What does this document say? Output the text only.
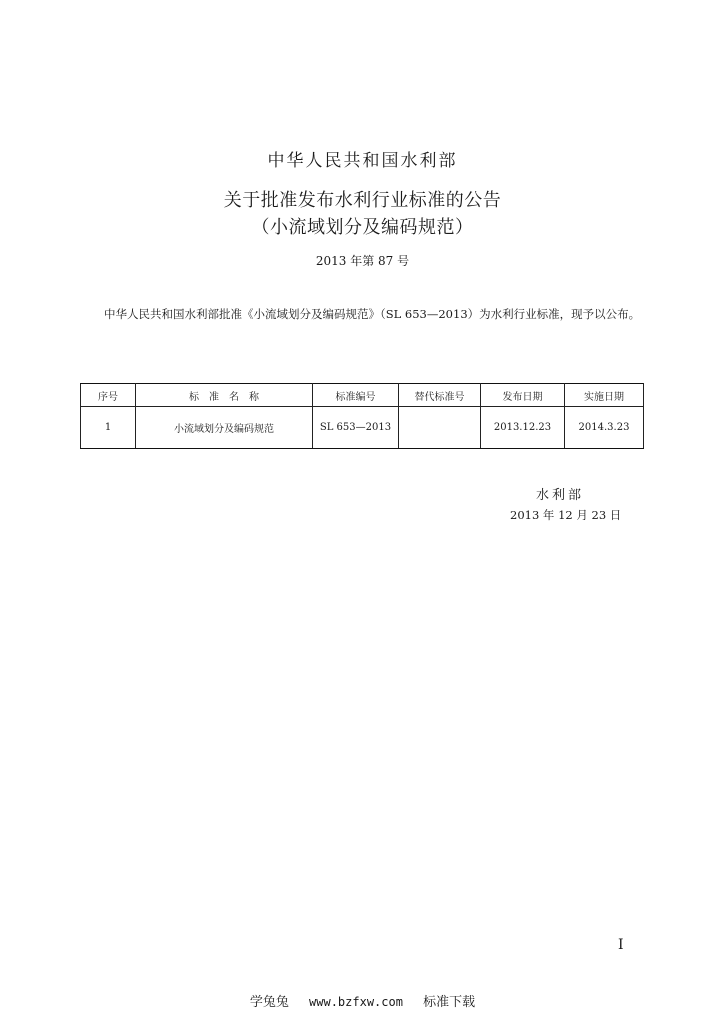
中华人民共和国水利部
关于批准发布水利行业标准的公告
（小流域划分及编码规范）
2013 年第 87 号
中华人民共和国水利部批准《小流域划分及编码规范》（SL 653—2013）为水利行业标准，现予以公布。
序号	标　准　名　称	标准编号	替代标准号	发布日期	实施日期
1	小流域划分及编码规范	SL 653—2013		2013.12.23	2014.3.23
水利部
2013 年 12 月 23 日
I
学兔兔 www.bzfxw.com 标准下载
